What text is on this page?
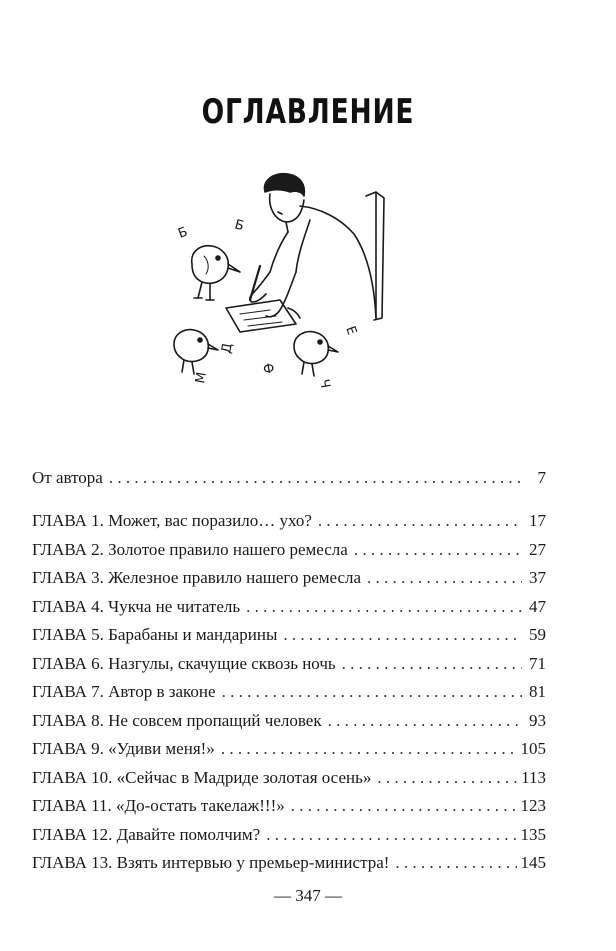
ОГЛАВЛЕНИЕ
Б	Б
Е
Ф
Д
М	Ч
От автора . . .	7
ГЛАВА 1. Может, вас поразило… ухо? . . .	17
ГЛАВА 2. Золотое правило нашего ремесла . . .	27
ГЛАВА 3. Железное правило нашего ремесла . . .	37
ГЛАВА 4. Чукча не читатель . . .	47
ГЛАВА 5. Барабаны и мандарины . . .	59
ГЛАВА 6. Назгулы, скачущие сквозь ночь . . .	71
ГЛАВА 7. Автор в законе . . .	81
ГЛАВА 8. Не совсем пропащий человек . . .	93
ГЛАВА 9. «Удиви меня!» . . .	105
ГЛАВА 10. «Сейчас в Мадриде золотая осень» . . .	113
ГЛАВА 11. «До-остать такелаж!!!» . . .	123
ГЛАВА 12. Давайте помолчим? . . .	135
ГЛАВА 13. Взять интервью у премьер-министра! . . .	145
— 347 —
